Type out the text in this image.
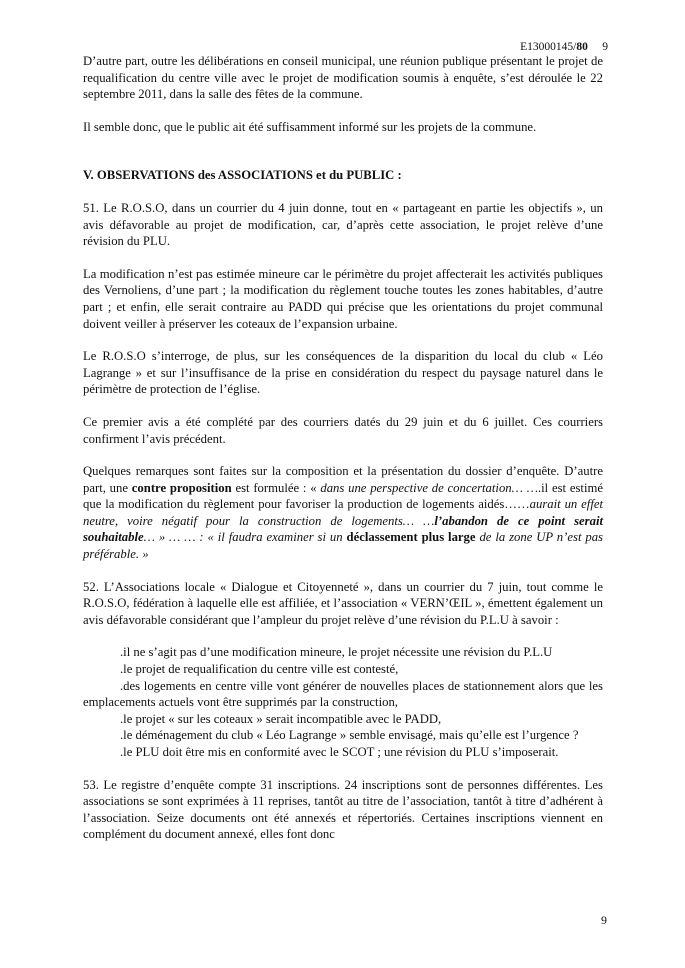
E13000145/80 9

D’autre part, outre les délibérations en conseil municipal, une réunion publique présentant le projet de requalification du centre ville avec le projet de modification soumis à enquête, s’est déroulée le 22 septembre 2011, dans la salle des fêtes de la commune.

Il semble donc, que le public ait été suffisamment informé sur les projets de la commune.

V. OBSERVATIONS des ASSOCIATIONS et du PUBLIC :

51. Le R.O.S.O, dans un courrier du 4 juin donne, tout en « partageant en partie les objectifs », un avis défavorable au projet de modification, car, d’après cette association, le projet relève d’une révision du PLU.

La modification n’est pas estimée mineure car le périmètre du projet affecterait les activités publiques des Vernoliens, d’une part ; la modification du règlement touche toutes les zones habitables, d’autre part ; et enfin, elle serait contraire au PADD qui précise que les orientations du projet communal doivent veiller à préserver les coteaux de l’expansion urbaine.

Le R.O.S.O s’interroge, de plus, sur les conséquences de la disparition du local du club « Léo Lagrange » et sur l’insuffisance de la prise en considération du respect du paysage naturel dans le périmètre de protection de l’église.

Ce premier avis a été complété par des courriers datés du 29 juin et du 6 juillet. Ces courriers confirment l’avis précédent.

Quelques remarques sont faites sur la composition et la présentation du dossier d’enquête. D’autre part, une contre proposition est formulée : « dans une perspective de concertation… ….il est estimé que la modification du règlement pour favoriser la production de logements aidés……aurait un effet neutre, voire négatif pour la construction de logements… …l’abandon de ce point serait souhaitable… » … … : « il faudra examiner si un déclassement plus large de la zone UP n’est pas préférable. »

52. L’Associations locale « Dialogue et Citoyenneté », dans un courrier du 7 juin, tout comme le R.O.S.O, fédération à laquelle elle est affiliée, et l’association « VERN’ŒIL », émettent également un avis défavorable considérant que l’ampleur du projet relève d’une révision du P.L.U à savoir :

.il ne s’agit pas d’une modification mineure, le projet nécessite une révision du P.L.U
.le projet de requalification du centre ville est contesté,
.des logements en centre ville vont générer de nouvelles places de stationnement alors que les emplacements actuels vont être supprimés par la construction,
.le projet « sur les coteaux » serait incompatible avec le PADD,
.le déménagement du club « Léo Lagrange » semble envisagé, mais qu’elle est l’urgence ?
.le PLU doit être mis en conformité avec le SCOT ; une révision du PLU s’imposerait.

53. Le registre d’enquête compte 31 inscriptions. 24 inscriptions sont de personnes différentes. Les associations se sont exprimées à 11 reprises, tantôt au titre de l’association, tantôt à titre d’adhérent à l’association. Seize documents ont été annexés et répertoriés. Certaines inscriptions viennent en complément du document annexé, elles font donc

9
